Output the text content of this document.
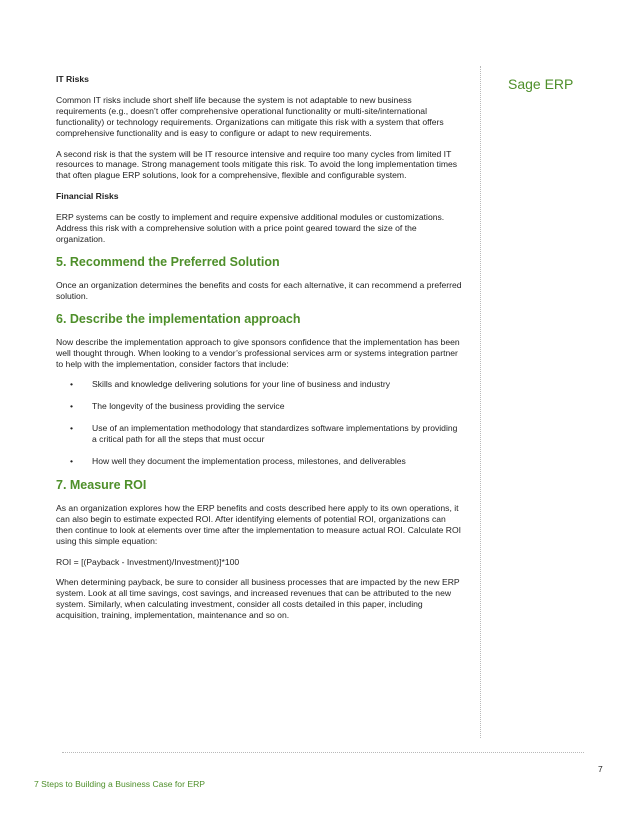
IT Risks

Common IT risks include short shelf life because the system is not adaptable to new business requirements (e.g., doesn’t offer comprehensive operational functionality or multi-site/international functionality) or technology requirements. Organizations can mitigate this risk with a system that offers comprehensive functionality and is easy to configure or adapt to new requirements.

A second risk is that the system will be IT resource intensive and require too many cycles from limited IT resources to manage. Strong management tools mitigate this risk. To avoid the long implementation times that often plague ERP solutions, look for a comprehensive, flexible and configurable system.

Financial Risks

ERP systems can be costly to implement and require expensive additional modules or customizations. Address this risk with a comprehensive solution with a price point geared toward the size of the organization.

5. Recommend the Preferred Solution

Once an organization determines the benefits and costs for each alternative, it can recommend a preferred solution.

6. Describe the implementation approach

Now describe the implementation approach to give sponsors confidence that the implementation has been well thought through. When looking to a vendor’s professional services arm or systems integration partner to help with the implementation, consider factors that include:

• Skills and knowledge delivering solutions for your line of business and industry
• The longevity of the business providing the service
• Use of an implementation methodology that standardizes software implementations by providing a critical path for all the steps that must occur
• How well they document the implementation process, milestones, and deliverables
7. Measure ROI

As an organization explores how the ERP benefits and costs described here apply to its own operations, it can also begin to estimate expected ROI. After identifying elements of potential ROI, organizations can then continue to look at elements over time after the implementation to measure actual ROI. Calculate ROI using this simple equation:

ROI = [(Payback - Investment)/Investment)]*100

When determining payback, be sure to consider all business processes that are impacted by the new ERP system. Look at all time savings, cost savings, and increased revenues that can be attributed to the new system. Similarly, when calculating investment, consider all costs detailed in this paper, including acquisition, training, implementation, maintenance and so on.

Sage ERP
7
7 Steps to Building a Business Case for ERP
